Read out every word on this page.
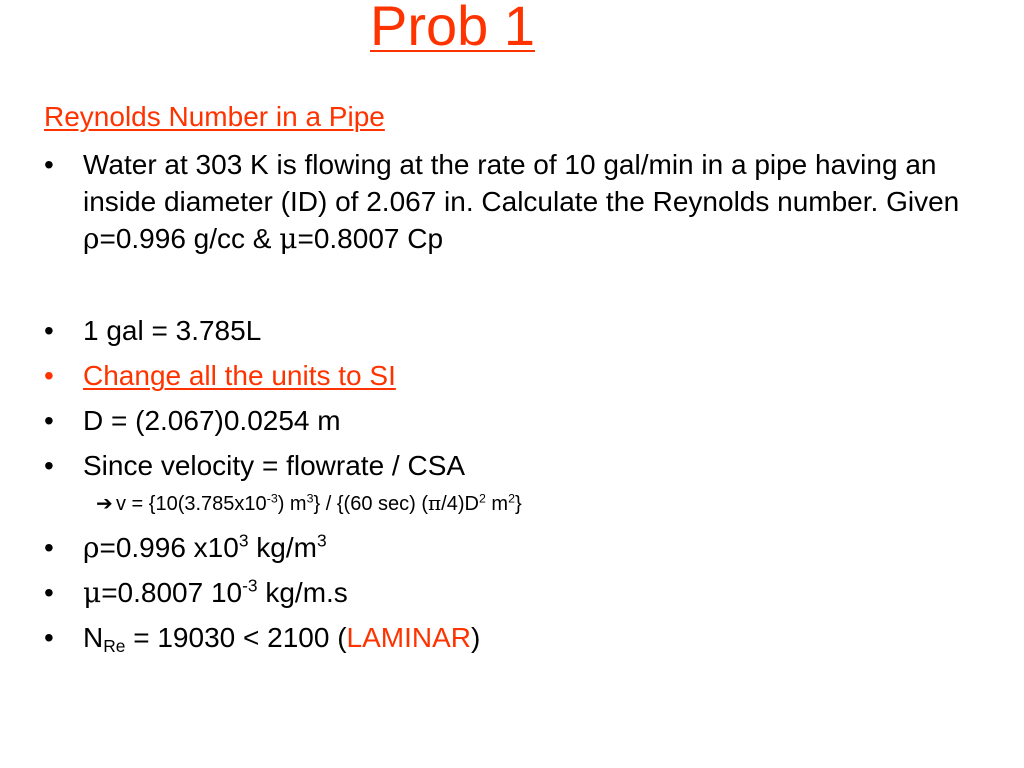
Prob 1
Reynolds Number in a Pipe
•	Water at 303 K is flowing at the rate of 10 gal/min in a pipe having an inside diameter (ID) of 2.067 in. Calculate the Reynolds number. Given ρ=0.996 g/cc & μ=0.8007 Cp
•	1 gal = 3.785L
•	Change all the units to SI
•	D = (2.067)0.0254 m
•	Since velocity = flowrate / CSA
➔ $v = \{10(3.785x10^{-3})$ $m^3\} / \{(60$ sec) $(\pi/4)D^2$ $m^2$}
•	ρ=0.996 $x10^3$ $kg/m^3$
•	μ=0.8007 $10^{-3}$ kg/m.s
•	$N_{Re} = 19030 < 2100$ (LAMINAR)
